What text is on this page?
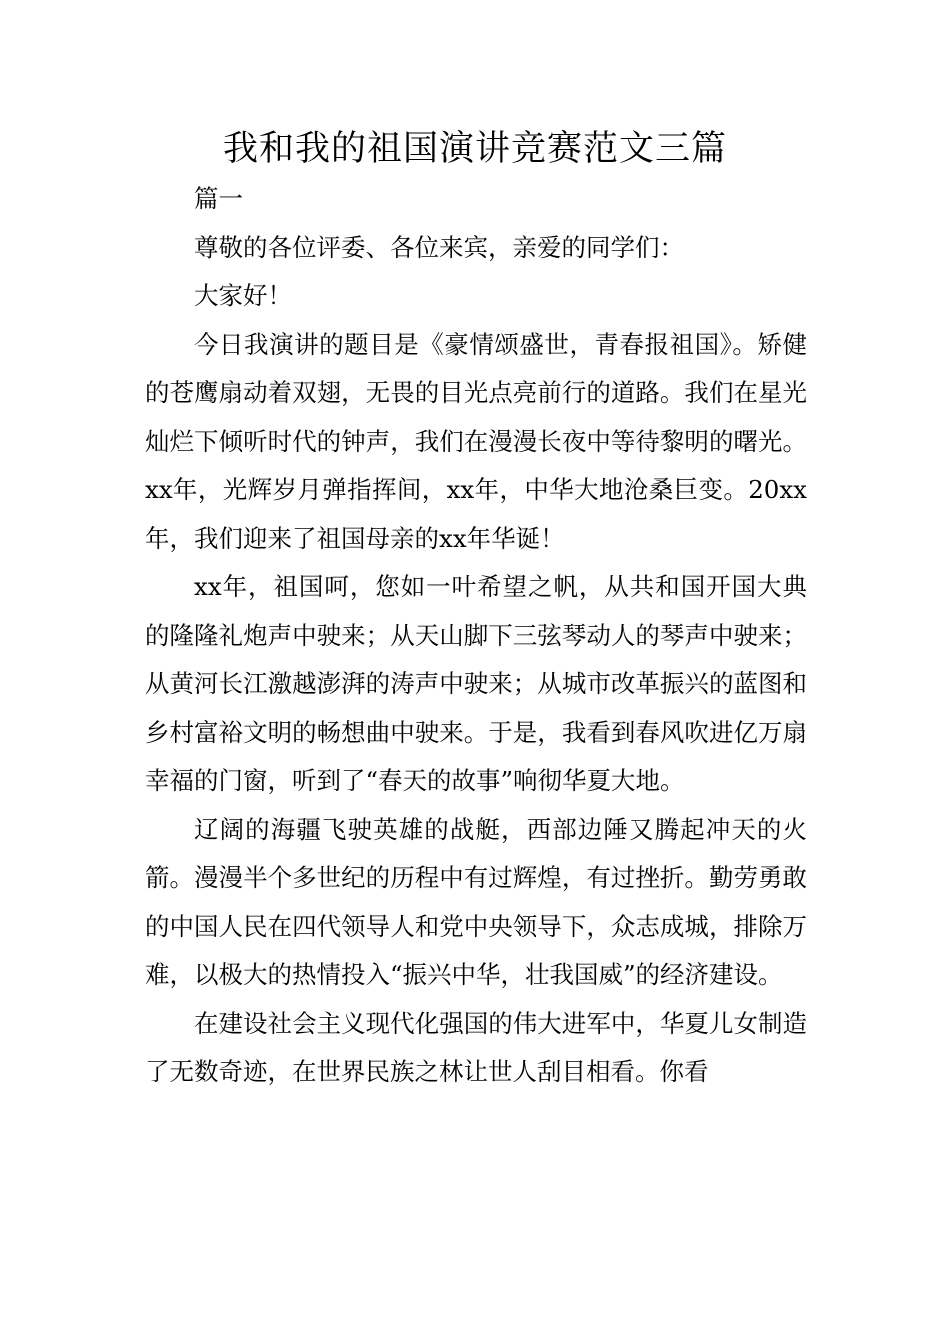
我和我的祖国演讲竞赛范文三篇

篇一

尊敬的各位评委、各位来宾，亲爱的同学们：

大家好！

今日我演讲的题目是《豪情颂盛世，青春报祖国》。矫健的苍鹰扇动着双翅，无畏的目光点亮前行的道路。我们在星光灿烂下倾听时代的钟声，我们在漫漫长夜中等待黎明的曙光。xx年，光辉岁月弹指挥间，xx年，中华大地沧桑巨变。20xx年，我们迎来了祖国母亲的xx年华诞！

xx年，祖国呵，您如一叶希望之帆，从共和国开国大典的隆隆礼炮声中驶来；从天山脚下三弦琴动人的琴声中驶来；从黄河长江激越澎湃的涛声中驶来；从城市改革振兴的蓝图和乡村富裕文明的畅想曲中驶来。于是，我看到春风吹进亿万扇幸福的门窗，听到了“春天的故事”响彻华夏大地。

辽阔的海疆飞驶英雄的战艇，西部边陲又腾起冲天的火箭。漫漫半个多世纪的历程中有过辉煌，有过挫折。勤劳勇敢的中国人民在四代领导人和党中央领导下，众志成城，排除万难，以极大的热情投入“振兴中华，壮我国威”的经济建设。

在建设社会主义现代化强国的伟大进军中，华夏儿女制造了无数奇迹，在世界民族之林让世人刮目相看。你看
